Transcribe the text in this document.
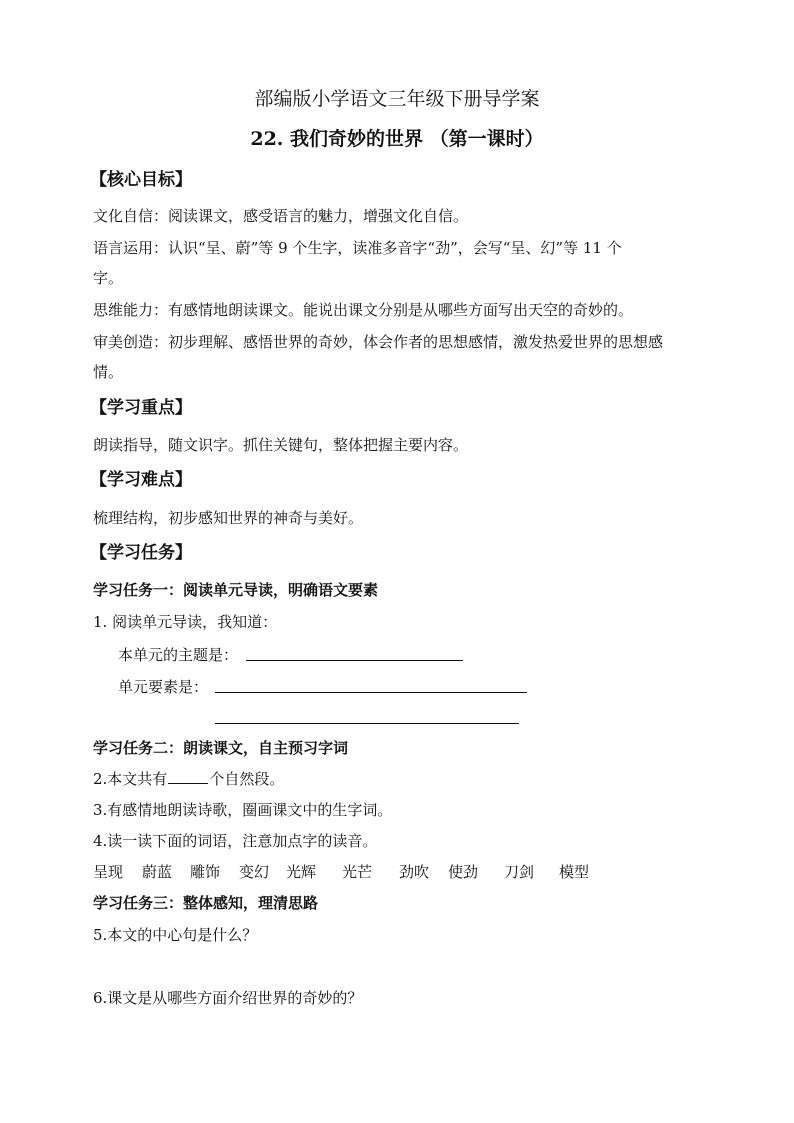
部编版小学语文三年级下册导学案
22. 我们奇妙的世界 （第一课时）
【核心目标】
文化自信：阅读课文，感受语言的魅力，增强文化自信。
语言运用：认识“呈、蔚”等 9 个生字，读准多音字“劲”，会写“呈、幻”等 11 个
字。
思维能力：有感情地朗读课文。能说出课文分别是从哪些方面写出天空的奇妙的。
审美创造：初步理解、感悟世界的奇妙，体会作者的思想感情，激发热爱世界的思想感
情。
【学习重点】
朗读指导，随文识字。抓住关键句，整体把握主要内容。
【学习难点】
梳理结构，初步感知世界的神奇与美好。
【学习任务】
学习任务一：阅读单元导读，明确语文要素
1. 阅读单元导读，我知道：
本单元的主题是：
单元要素是：
学习任务二：朗读课文，自主预习字词
2.本文共有	个自然段。
3.有感情地朗读诗歌，圈画课文中的生字词。
4.读一读下面的词语，注意加点字的读音。
呈现 蔚蓝 雕饰 变幻 光辉 光芒 劲吹 使劲 刀剑 模型
学习任务三：整体感知，理清思路
5.本文的中心句是什么？
6.课文是从哪些方面介绍世界的奇妙的？
